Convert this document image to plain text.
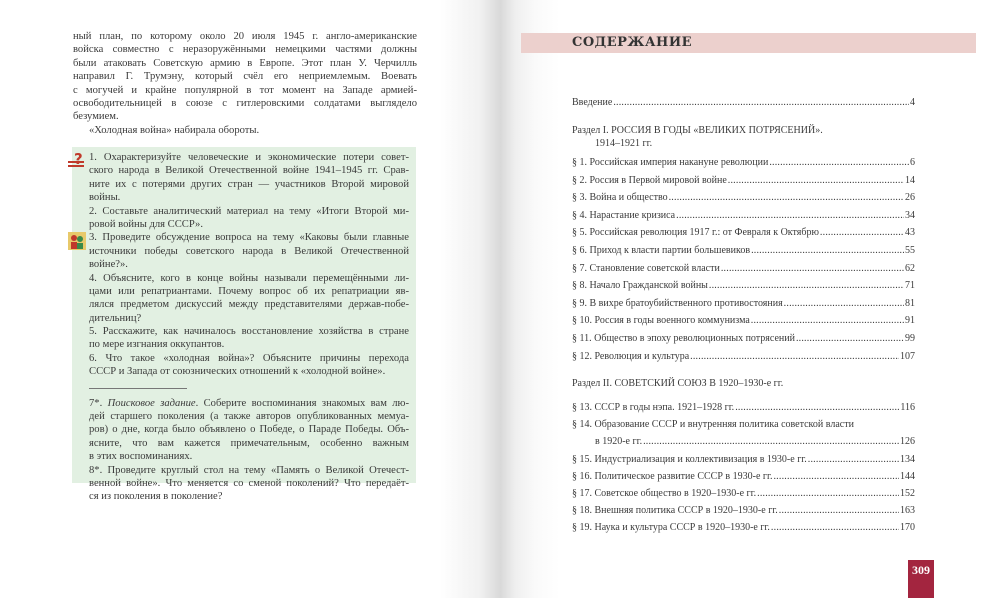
ный план, по которому около 20 июля 1945 г. англо-американские
войска совместно с неразоружёнными немецкими частями должны
были атаковать Советскую армию в Европе. Этот план У. Черчилль
направил Г. Трумэну, который счёл его неприемлемым. Воевать
с могучей и крайне популярной в тот момент на Западе армией-
освободительницей в союзе с гитлеровскими солдатами выглядело
безумием.
«Холодная война» набирала обороты.
? 1. Охарактеризуйте человеческие и экономические потери совет-
ского народа в Великой Отечественной войне 1941–1945 гг. Срав-
ните их с потерями других стран — участников Второй мировой
войны.
2. Составьте аналитический материал на тему «Итоги Второй ми-
ровой войны для СССР».
3. Проведите обсуждение вопроса на тему «Каковы были главные
источники победы советского народа в Великой Отечественной
войне?».
4. Объясните, кого в конце войны называли перемещёнными ли-
цами или репатриантами. Почему вопрос об их репатриации яв-
лялся предметом дискуссий между представителями держав-побе-
дительниц?
5. Расскажите, как начиналось восстановление хозяйства в стране
по мере изгнания оккупантов.
6. Что такое «холодная война»? Объясните причины перехода
СССР и Запада от союзнических отношений к «холодной войне».
7*. Поисковое задание. Соберите воспоминания знакомых вам лю-
дей старшего поколения (а также авторов опубликованных мемуа-
ров) о дне, когда было объявлено о Победе, о Параде Победы. Объ-
ясните, что вам кажется примечательным, особенно важным
в этих воспоминаниях.
8*. Проведите круглый стол на тему «Память о Великой Отечест-
венной войне». Что меняется со сменой поколений? Что передаёт-
ся из поколения в поколение?
СОДЕРЖАНИЕ
Введение .....	4
Раздел I. РОССИЯ В ГОДЫ «ВЕЛИКИХ ПОТРЯСЕНИЙ».
1914–1921 гг.
§ 1. Российская империя накануне революции .....	6
§ 2. Россия в Первой мировой войне .....	14
§ 3. Война и общество .....	26
§ 4. Нарастание кризиса .....	34
§ 5. Российская революция 1917 г.: от Февраля к Октябрю .....	43
§ 6. Приход к власти партии большевиков .....	55
§ 7. Становление советской власти .....	62
§ 8. Начало Гражданской войны .....	71
§ 9. В вихре братоубийственного противостояния .....	81
§ 10. Россия в годы военного коммунизма .....	91
§ 11. Общество в эпоху революционных потрясений .....	99
§ 12. Революция и культура .....	107
Раздел II. СОВЕТСКИЙ СОЮЗ В 1920–1930-е гг.
§ 13. СССР в годы нэпа. 1921–1928 гг. .....	116
§ 14. Образование СССР и внутренняя политика советской власти
в 1920-е гг. .....	126
§ 15. Индустриализация и коллективизация в 1930-е гг. .....	134
§ 16. Политическое развитие СССР в 1930-е гг. .....	144
§ 17. Советское общество в 1920–1930-е гг. .....	152
§ 18. Внешняя политика СССР в 1920–1930-е гг. .....	163
§ 19. Наука и культура СССР в 1920–1930-е гг. .....	170
309
